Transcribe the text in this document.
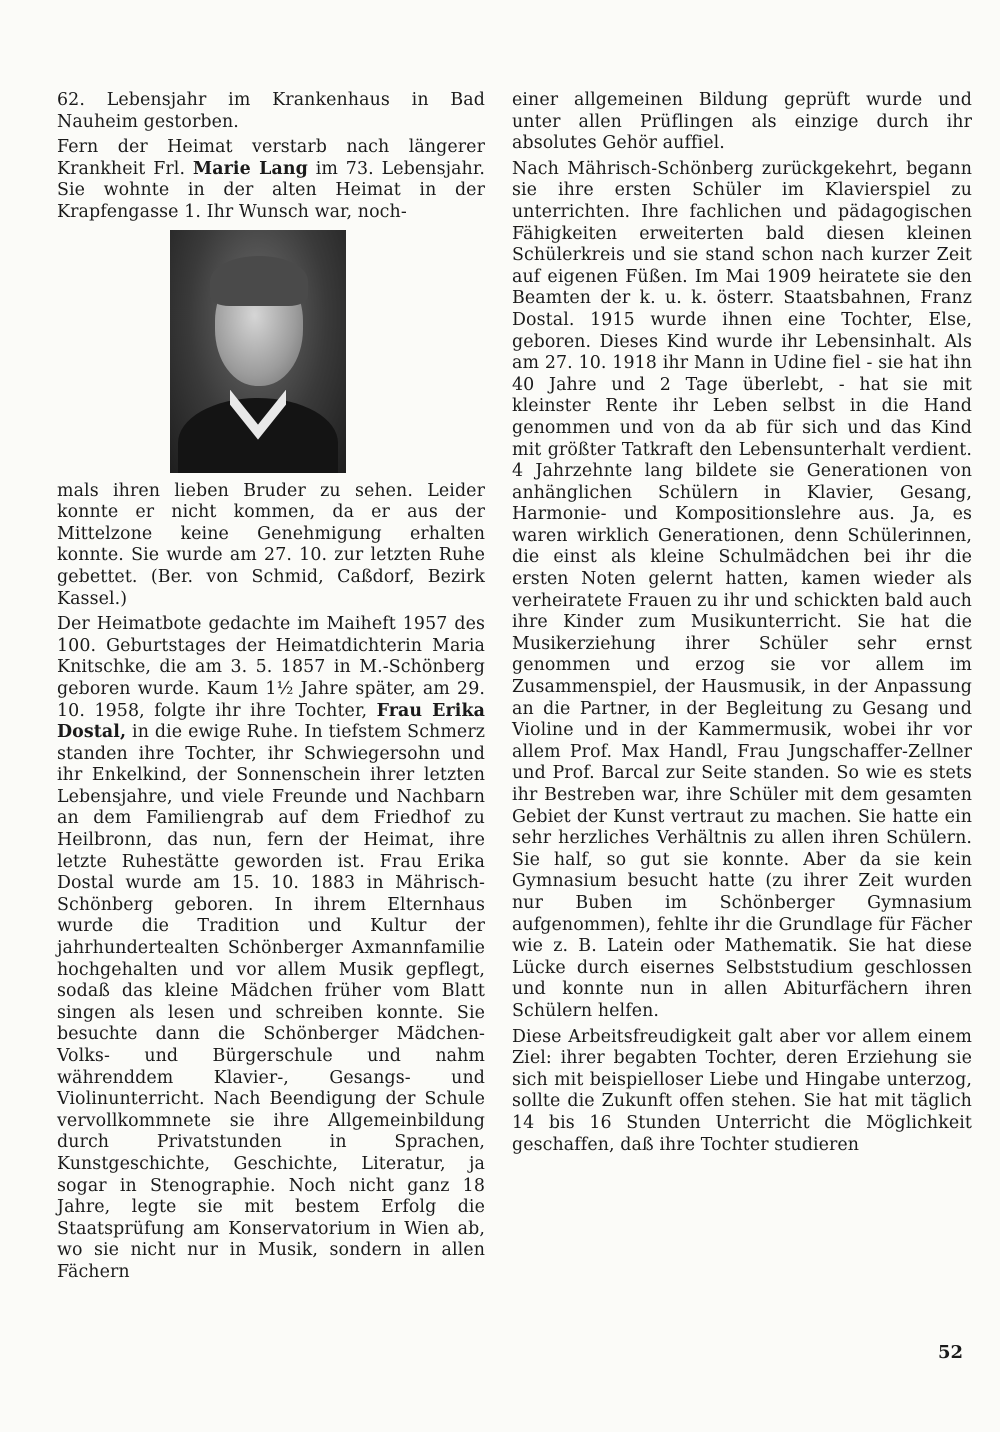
62. Lebensjahr im Krankenhaus in Bad Nauheim gestorben.

Fern der Heimat verstarb nach längerer Krankheit Frl. Marie Lang im 73. Lebensjahr. Sie wohnte in der alten Heimat in der Krapfengasse 1. Ihr Wunsch war, noch-

mals ihren lieben Bruder zu sehen. Leider konnte er nicht kommen, da er aus der Mittelzone keine Genehmigung erhalten konnte. Sie wurde am 27. 10. zur letzten Ruhe gebettet. (Ber. von Schmid, Caßdorf, Bezirk Kassel.)

Der Heimatbote gedachte im Maiheft 1957 des 100. Geburtstages der Heimatdichterin Maria Knitschke, die am 3. 5. 1857 in M.-Schönberg geboren wurde. Kaum 1½ Jahre später, am 29. 10. 1958, folgte ihr ihre Tochter, Frau Erika Dostal, in die ewige Ruhe. In tiefstem Schmerz standen ihre Tochter, ihr Schwiegersohn und ihr Enkelkind, der Sonnenschein ihrer letzten Lebensjahre, und viele Freunde und Nachbarn an dem Familiengrab auf dem Friedhof zu Heilbronn, das nun, fern der Heimat, ihre letzte Ruhestätte geworden ist. Frau Erika Dostal wurde am 15. 10. 1883 in Mährisch-Schönberg geboren. In ihrem Elternhaus wurde die Tradition und Kultur der jahrhundertealten Schönberger Axmannfamilie hochgehalten und vor allem Musik gepflegt, sodaß das kleine Mädchen früher vom Blatt singen als lesen und schreiben konnte. Sie besuchte dann die Schönberger Mädchen-Volks- und Bürgerschule und nahm währenddem Klavier-, Gesangs- und Violinunterricht. Nach Beendigung der Schule vervollkommnete sie ihre Allgemeinbildung durch Privatstunden in Sprachen, Kunstgeschichte, Geschichte, Literatur, ja sogar in Stenographie. Noch nicht ganz 18 Jahre, legte sie mit bestem Erfolg die Staatsprüfung am Konservatorium in Wien ab, wo sie nicht nur in Musik, sondern in allen Fächern

einer allgemeinen Bildung geprüft wurde und unter allen Prüflingen als einzige durch ihr absolutes Gehör auffiel.

Nach Mährisch-Schönberg zurückgekehrt, begann sie ihre ersten Schüler im Klavierspiel zu unterrichten. Ihre fachlichen und pädagogischen Fähigkeiten erweiterten bald diesen kleinen Schülerkreis und sie stand schon nach kurzer Zeit auf eigenen Füßen. Im Mai 1909 heiratete sie den Beamten der k. u. k. österr. Staatsbahnen, Franz Dostal. 1915 wurde ihnen eine Tochter, Else, geboren. Dieses Kind wurde ihr Lebensinhalt. Als am 27. 10. 1918 ihr Mann in Udine fiel - sie hat ihn 40 Jahre und 2 Tage überlebt, - hat sie mit kleinster Rente ihr Leben selbst in die Hand genommen und von da ab für sich und das Kind mit größter Tatkraft den Lebensunterhalt verdient. 4 Jahrzehnte lang bildete sie Generationen von anhänglichen Schülern in Klavier, Gesang, Harmonie- und Kompositionslehre aus. Ja, es waren wirklich Generationen, denn Schülerinnen, die einst als kleine Schulmädchen bei ihr die ersten Noten gelernt hatten, kamen wieder als verheiratete Frauen zu ihr und schickten bald auch ihre Kinder zum Musikunterricht. Sie hat die Musikerziehung ihrer Schüler sehr ernst genommen und erzog sie vor allem im Zusammenspiel, der Hausmusik, in der Anpassung an die Partner, in der Begleitung zu Gesang und Violine und in der Kammermusik, wobei ihr vor allem Prof. Max Handl, Frau Jungschaffer-Zellner und Prof. Barcal zur Seite standen. So wie es stets ihr Bestreben war, ihre Schüler mit dem gesamten Gebiet der Kunst vertraut zu machen. Sie hatte ein sehr herzliches Verhältnis zu allen ihren Schülern. Sie half, so gut sie konnte. Aber da sie kein Gymnasium besucht hatte (zu ihrer Zeit wurden nur Buben im Schönberger Gymnasium aufgenommen), fehlte ihr die Grundlage für Fächer wie z. B. Latein oder Mathematik. Sie hat diese Lücke durch eisernes Selbststudium geschlossen und konnte nun in allen Abiturfächern ihren Schülern helfen.

Diese Arbeitsfreudigkeit galt aber vor allem einem Ziel: ihrer begabten Tochter, deren Erziehung sie sich mit beispielloser Liebe und Hingabe unterzog, sollte die Zukunft offen stehen. Sie hat mit täglich 14 bis 16 Stunden Unterricht die Möglichkeit geschaffen, daß ihre Tochter studieren

52
